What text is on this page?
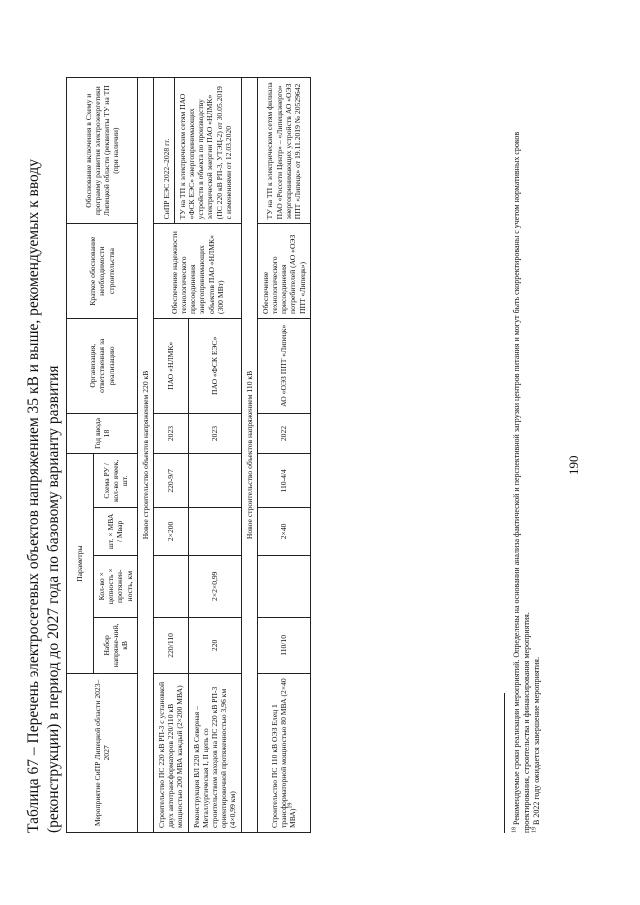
Таблица 67 – Перечень электросетевых объектов напряжением 35 кВ и выше, рекомендуемых к вводу (реконструкции) в период до 2027 года по базовому варианту развития	Мероприятие СиПР Липецкой области 2023–2027	Параметры				Год ввода 18	Организация, ответственная за реализацию	Краткое обоснование необходимости строительства	Обоснование включения в Схему и программу развития электроэнергетики Липецкой области (реквизиты ТУ на ТП (при наличии)
	Набор напряже-ний, кВ	Кол-во × цепность × протяжен-ность, км	шт. × МВА / Мвар	Схема РУ / кол-во ячеек, шт.				
Новое строительство объектов напряжением 220 кВ								
Строительство ПС 220 кВ РП-3 с установкой двух автотрансформаторов 220/110 кВ мощностью 200 МВА каждый (2×200 МВА)	220/110		2×200	220-9/7	2023	ПАО «НЛМК»	Обеспечение надежности технологического присоединения энергопринимающих объектов ПАО «НЛМК» (300 МВт)	СиПР ЕЭС 2022–2028 гг. ТУ на ТП к электрическим сетям ПАО «ФСК ЕЭС» энергопринимающих устройств в объекта по производству электрической энергии ПАО «НЛМК» (ПС 220 кВ РП-3, УТЭЦ-2) от 30.05.2019 с изменениями от 12.03.2020

Реконструкция ВЛ 220 кВ Северная – Металлургическая I, II цепь со строительством заходов на ПС 220 кВ РП-3 ориентировочной протяженностью 3,96 км (4×0,99 км)	220	2×2×0,99			2023	ПАО «ФСК ЕЭС»		
Новое строительство объектов напряжением 110 кВ								
Строительство ПС 110 кВ ОЭЗ Елец 1 трансформаторной мощностью 80 МВА (2×40 МВА)$^{19}$	110/10		2×40	110-4/4	2022	АО «ОЭЗ ППТ «Липецк»	Обеспечение технологического присоединения потребителей (АО «ОЭЗ ППТ «Липецк»)	ТУ на ТП к электрическим сетям филиала ПАО «Россети Центр» – «Липецкэнерго» энергопринимающих устройств АО «ОЭЗ ППТ «Липецк» от 19.11.2019 № 20529642

$^{18}$ Рекомендуемые сроки реализации мероприятий. Определены на основании анализа фактической и перспективной загрузки центров питания и могут быть скорректированы с учетом нормативных сроков проектирования, строительства и финансирования мероприятия. $^{19}$ В 2022 году ожидается завершение мероприятия.

190
